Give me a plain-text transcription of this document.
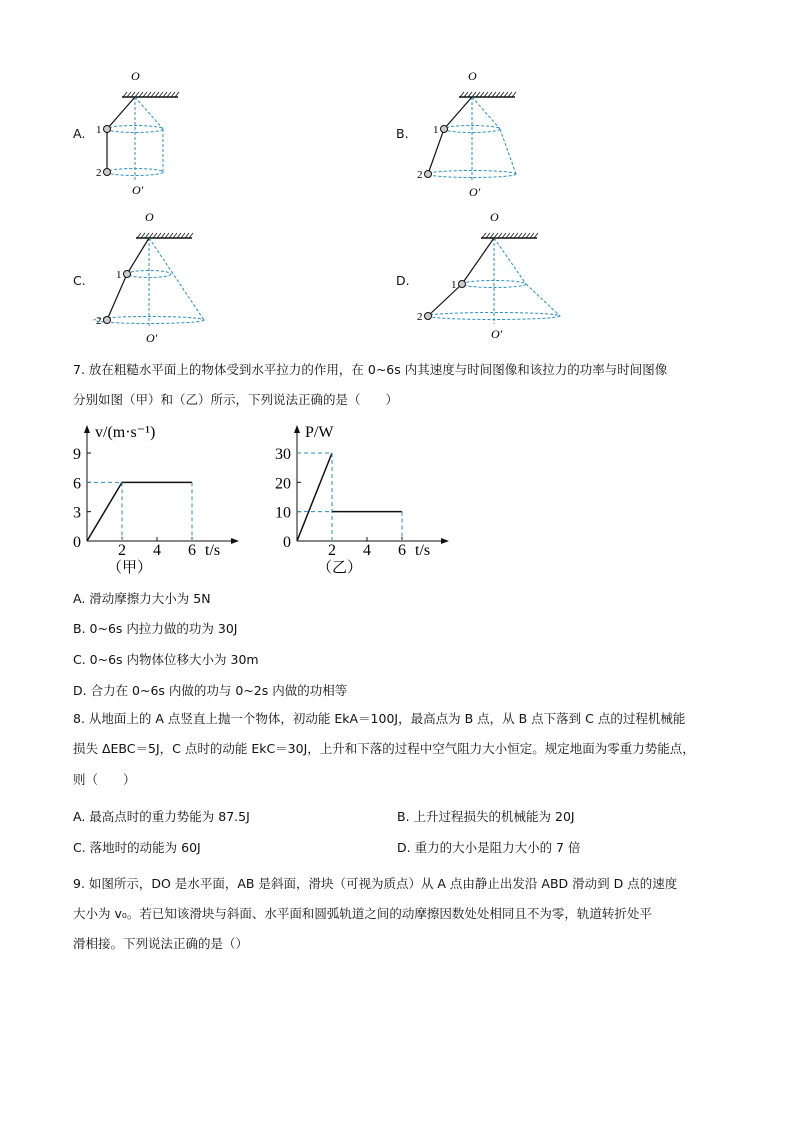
O
O′
1
2
O
O′
1
2
O
O′
1
2
O
O′
1
2
A.	B.
C.	D.
7. 放在粗糙水平面上的物体受到水平拉力的作用，在 0~6s 内其速度与时间图像和该拉力的功率与时间图像
分别如图（甲）和（乙）所示，下列说法正确的是（　　）
v/(m·s⁻¹)
t/s
0 2 4 6
3
6
9
（甲）
P/W
t/s
0 2 4 6
10
20
30
（乙）
A. 滑动摩擦力大小为 5N
B. 0~6s 内拉力做的功为 30J
C. 0~6s 内物体位移大小为 30m
D. 合力在 0~6s 内做的功与 0~2s 内做的功相等
8. 从地面上的 A 点竖直上抛一个物体，初动能 EkA＝100J，最高点为 B 点，从 B 点下落到 C 点的过程机械能
损失 ΔEBC＝5J，C 点时的动能 EkC＝30J，上升和下落的过程中空气阻力大小恒定。规定地面为零重力势能点，
则（　　）
A. 最高点时的重力势能为 87.5J	B. 上升过程损失的机械能为 20J
C. 落地时的动能为 60J	D. 重力的大小是阻力大小的 7 倍
9. 如图所示，DO 是水平面，AB 是斜面，滑块（可视为质点）从 A 点由静止出发沿 ABD 滑动到 D 点的速度
大小为 v₀。若已知该滑块与斜面、水平面和圆弧轨道之间的动摩擦因数处处相同且不为零，轨道转折处平
滑相接。下列说法正确的是（）
